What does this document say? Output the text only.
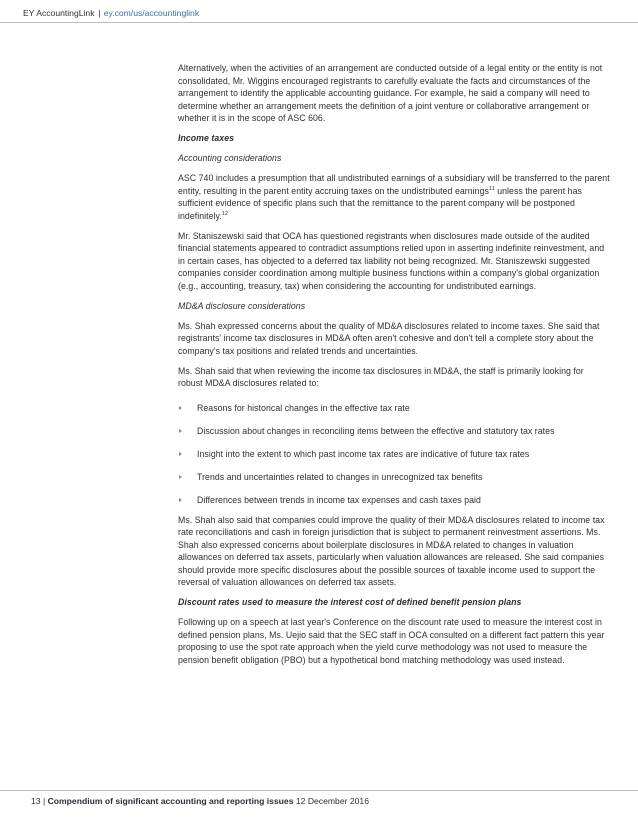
EY AccountingLink | ey.com/us/accountinglink

Alternatively, when the activities of an arrangement are conducted outside of a legal entity or the entity is not consolidated, Mr. Wiggins encouraged registrants to carefully evaluate the facts and circumstances of the arrangement to identify the applicable accounting guidance. For example, he said a company will need to determine whether an arrangement meets the definition of a joint venture or collaborative arrangement or whether it is in the scope of ASC 606.

Income taxes

Accounting considerations

ASC 740 includes a presumption that all undistributed earnings of a subsidiary will be transferred to the parent entity, resulting in the parent entity accruing taxes on the undistributed earnings$^{11}$ unless the parent has sufficient evidence of specific plans such that the remittance to the parent company will be postponed indefinitely.$^{12}$

Mr. Staniszewski said that OCA has questioned registrants when disclosures made outside of the audited financial statements appeared to contradict assumptions relied upon in asserting indefinite reinvestment, and in certain cases, has objected to a deferred tax liability not being recognized. Mr. Staniszewski suggested companies consider coordination among multiple business functions within a company's global organization (e.g., accounting, treasury, tax) when considering the accounting for undistributed earnings.

MD&A disclosure considerations

Ms. Shah expressed concerns about the quality of MD&A disclosures related to income taxes. She said that registrants' income tax disclosures in MD&A often aren't cohesive and don't tell a complete story about the company's tax positions and related trends and uncertainties.

Ms. Shah said that when reviewing the income tax disclosures in MD&A, the staff is primarily looking for robust MD&A disclosures related to:

Reasons for historical changes in the effective tax rate
Discussion about changes in reconciling items between the effective and statutory tax rates
Insight into the extent to which past income tax rates are indicative of future tax rates
Trends and uncertainties related to changes in unrecognized tax benefits
Differences between trends in income tax expenses and cash taxes paid

Ms. Shah also said that companies could improve the quality of their MD&A disclosures related to income tax rate reconciliations and cash in foreign jurisdiction that is subject to permanent reinvestment assertions. Ms. Shah also expressed concerns about boilerplate disclosures in MD&A related to changes in valuation allowances on deferred tax assets, particularly when valuation allowances are released. She said companies should provide more specific disclosures about the possible sources of taxable income used to support the reversal of valuation allowances on deferred tax assets.

Discount rates used to measure the interest cost of defined benefit pension plans

Following up on a speech at last year's Conference on the discount rate used to measure the interest cost in defined pension plans, Ms. Uejio said that the SEC staff in OCA consulted on a different fact pattern this year proposing to use the spot rate approach when the yield curve methodology was not used to measure the pension benefit obligation (PBO) but a hypothetical bond matching methodology was used instead.

13 | Compendium of significant accounting and reporting issues 12 December 2016
